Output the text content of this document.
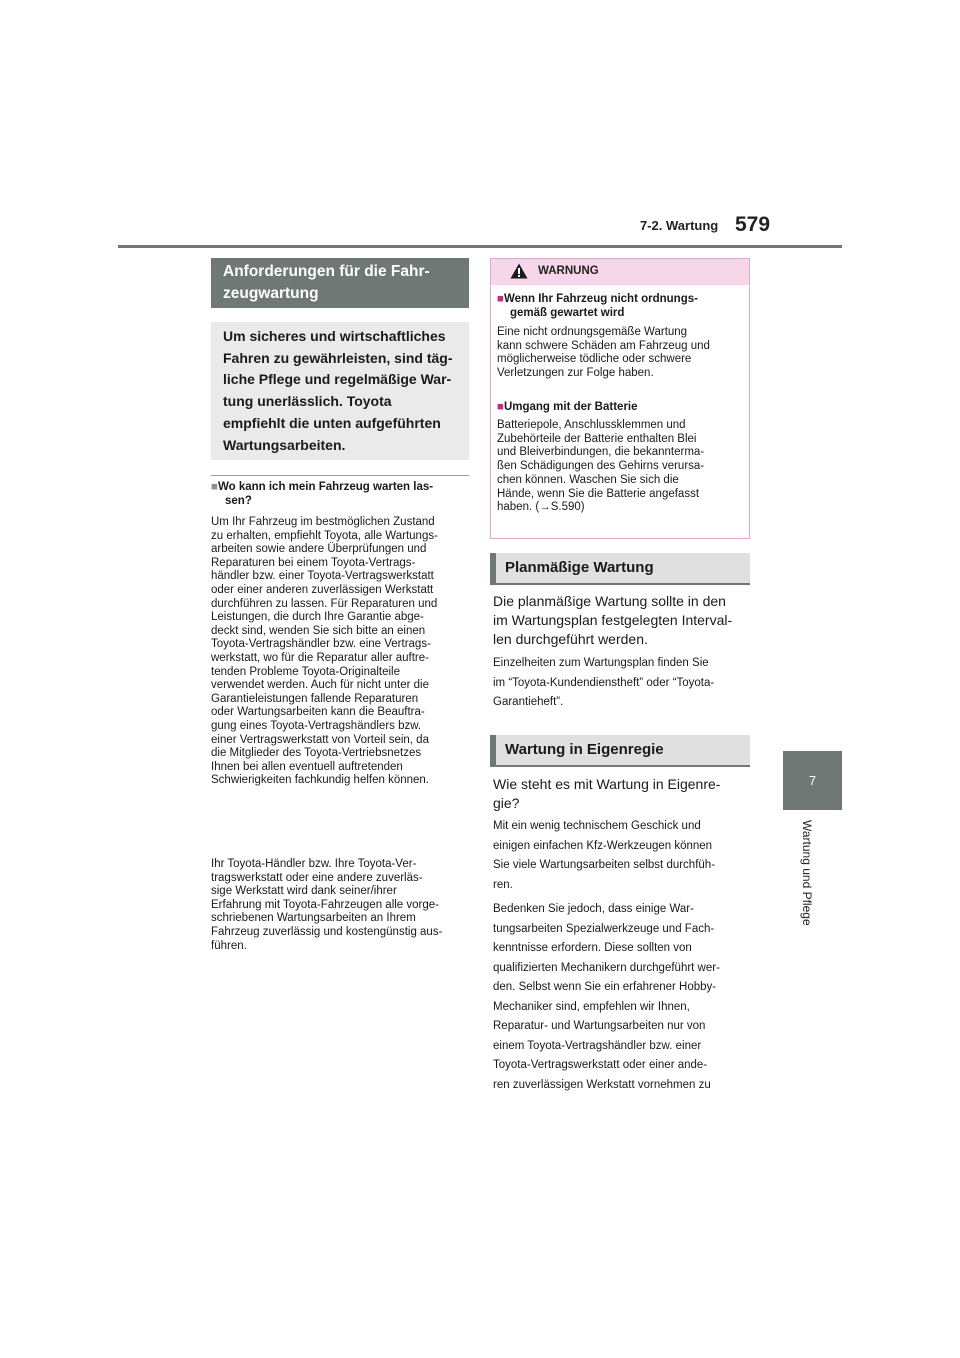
7-2. Wartung 579
7
Wartung und Pflege
Anforderungen für die Fahr-
zeugwartung
Um sicheres und wirtschaftliches
Fahren zu gewährleisten, sind täg-
liche Pflege und regelmäßige War-
tung unerlässlich. Toyota
empfiehlt die unten aufgeführten
Wartungsarbeiten.
■Wo kann ich mein Fahrzeug warten las-
sen?
Um Ihr Fahrzeug im bestmöglichen Zustand
zu erhalten, empfiehlt Toyota, alle Wartungs-
arbeiten sowie andere Überprüfungen und
Reparaturen bei einem Toyota-Vertrags-
händler bzw. einer Toyota-Vertragswerkstatt
oder einer anderen zuverlässigen Werkstatt
durchführen zu lassen. Für Reparaturen und
Leistungen, die durch Ihre Garantie abge-
deckt sind, wenden Sie sich bitte an einen
Toyota-Vertragshändler bzw. eine Vertrags-
werkstatt, wo für die Reparatur aller auftre-
tenden Probleme Toyota-Originalteile
verwendet werden. Auch für nicht unter die
Garantieleistungen fallende Reparaturen
oder Wartungsarbeiten kann die Beauftra-
gung eines Toyota-Vertragshändlers bzw.
einer Vertragswerkstatt von Vorteil sein, da
die Mitglieder des Toyota-Vertriebsnetzes
Ihnen bei allen eventuell auftretenden
Schwierigkeiten fachkundig helfen können.
Ihr Toyota-Händler bzw. Ihre Toyota-Ver-
tragswerkstatt oder eine andere zuverläs-
sige Werkstatt wird dank seiner/ihrer
Erfahrung mit Toyota-Fahrzeugen alle vorge-
schriebenen Wartungsarbeiten an Ihrem
Fahrzeug zuverlässig und kostengünstig aus-
führen.
WARNUNG
■Wenn Ihr Fahrzeug nicht ordnungs-
gemäß gewartet wird
Eine nicht ordnungsgemäße Wartung
kann schwere Schäden am Fahrzeug und
möglicherweise tödliche oder schwere
Verletzungen zur Folge haben.
■Umgang mit der Batterie
Batteriepole, Anschlussklemmen und
Zubehörteile der Batterie enthalten Blei
und Bleiverbindungen, die bekannterma-
ßen Schädigungen des Gehirns verursa-
chen können. Waschen Sie sich die
Hände, wenn Sie die Batterie angefasst
haben. (→S.590)
Planmäßige Wartung
Die planmäßige Wartung sollte in den
im Wartungsplan festgelegten Interval-
len durchgeführt werden.
Einzelheiten zum Wartungsplan finden Sie
im “Toyota-Kundendienstheft” oder “Toyota-
Garantieheft”.
Wartung in Eigenregie
Wie steht es mit Wartung in Eigenre-
gie?
Mit ein wenig technischem Geschick und
einigen einfachen Kfz-Werkzeugen können
Sie viele Wartungsarbeiten selbst durchfüh-
ren.
Bedenken Sie jedoch, dass einige War-
tungsarbeiten Spezialwerkzeuge und Fach-
kenntnisse erfordern. Diese sollten von
qualifizierten Mechanikern durchgeführt wer-
den. Selbst wenn Sie ein erfahrener Hobby-
Mechaniker sind, empfehlen wir Ihnen,
Reparatur- und Wartungsarbeiten nur von
einem Toyota-Vertragshändler bzw. einer
Toyota-Vertragswerkstatt oder einer ande-
ren zuverlässigen Werkstatt vornehmen zu
